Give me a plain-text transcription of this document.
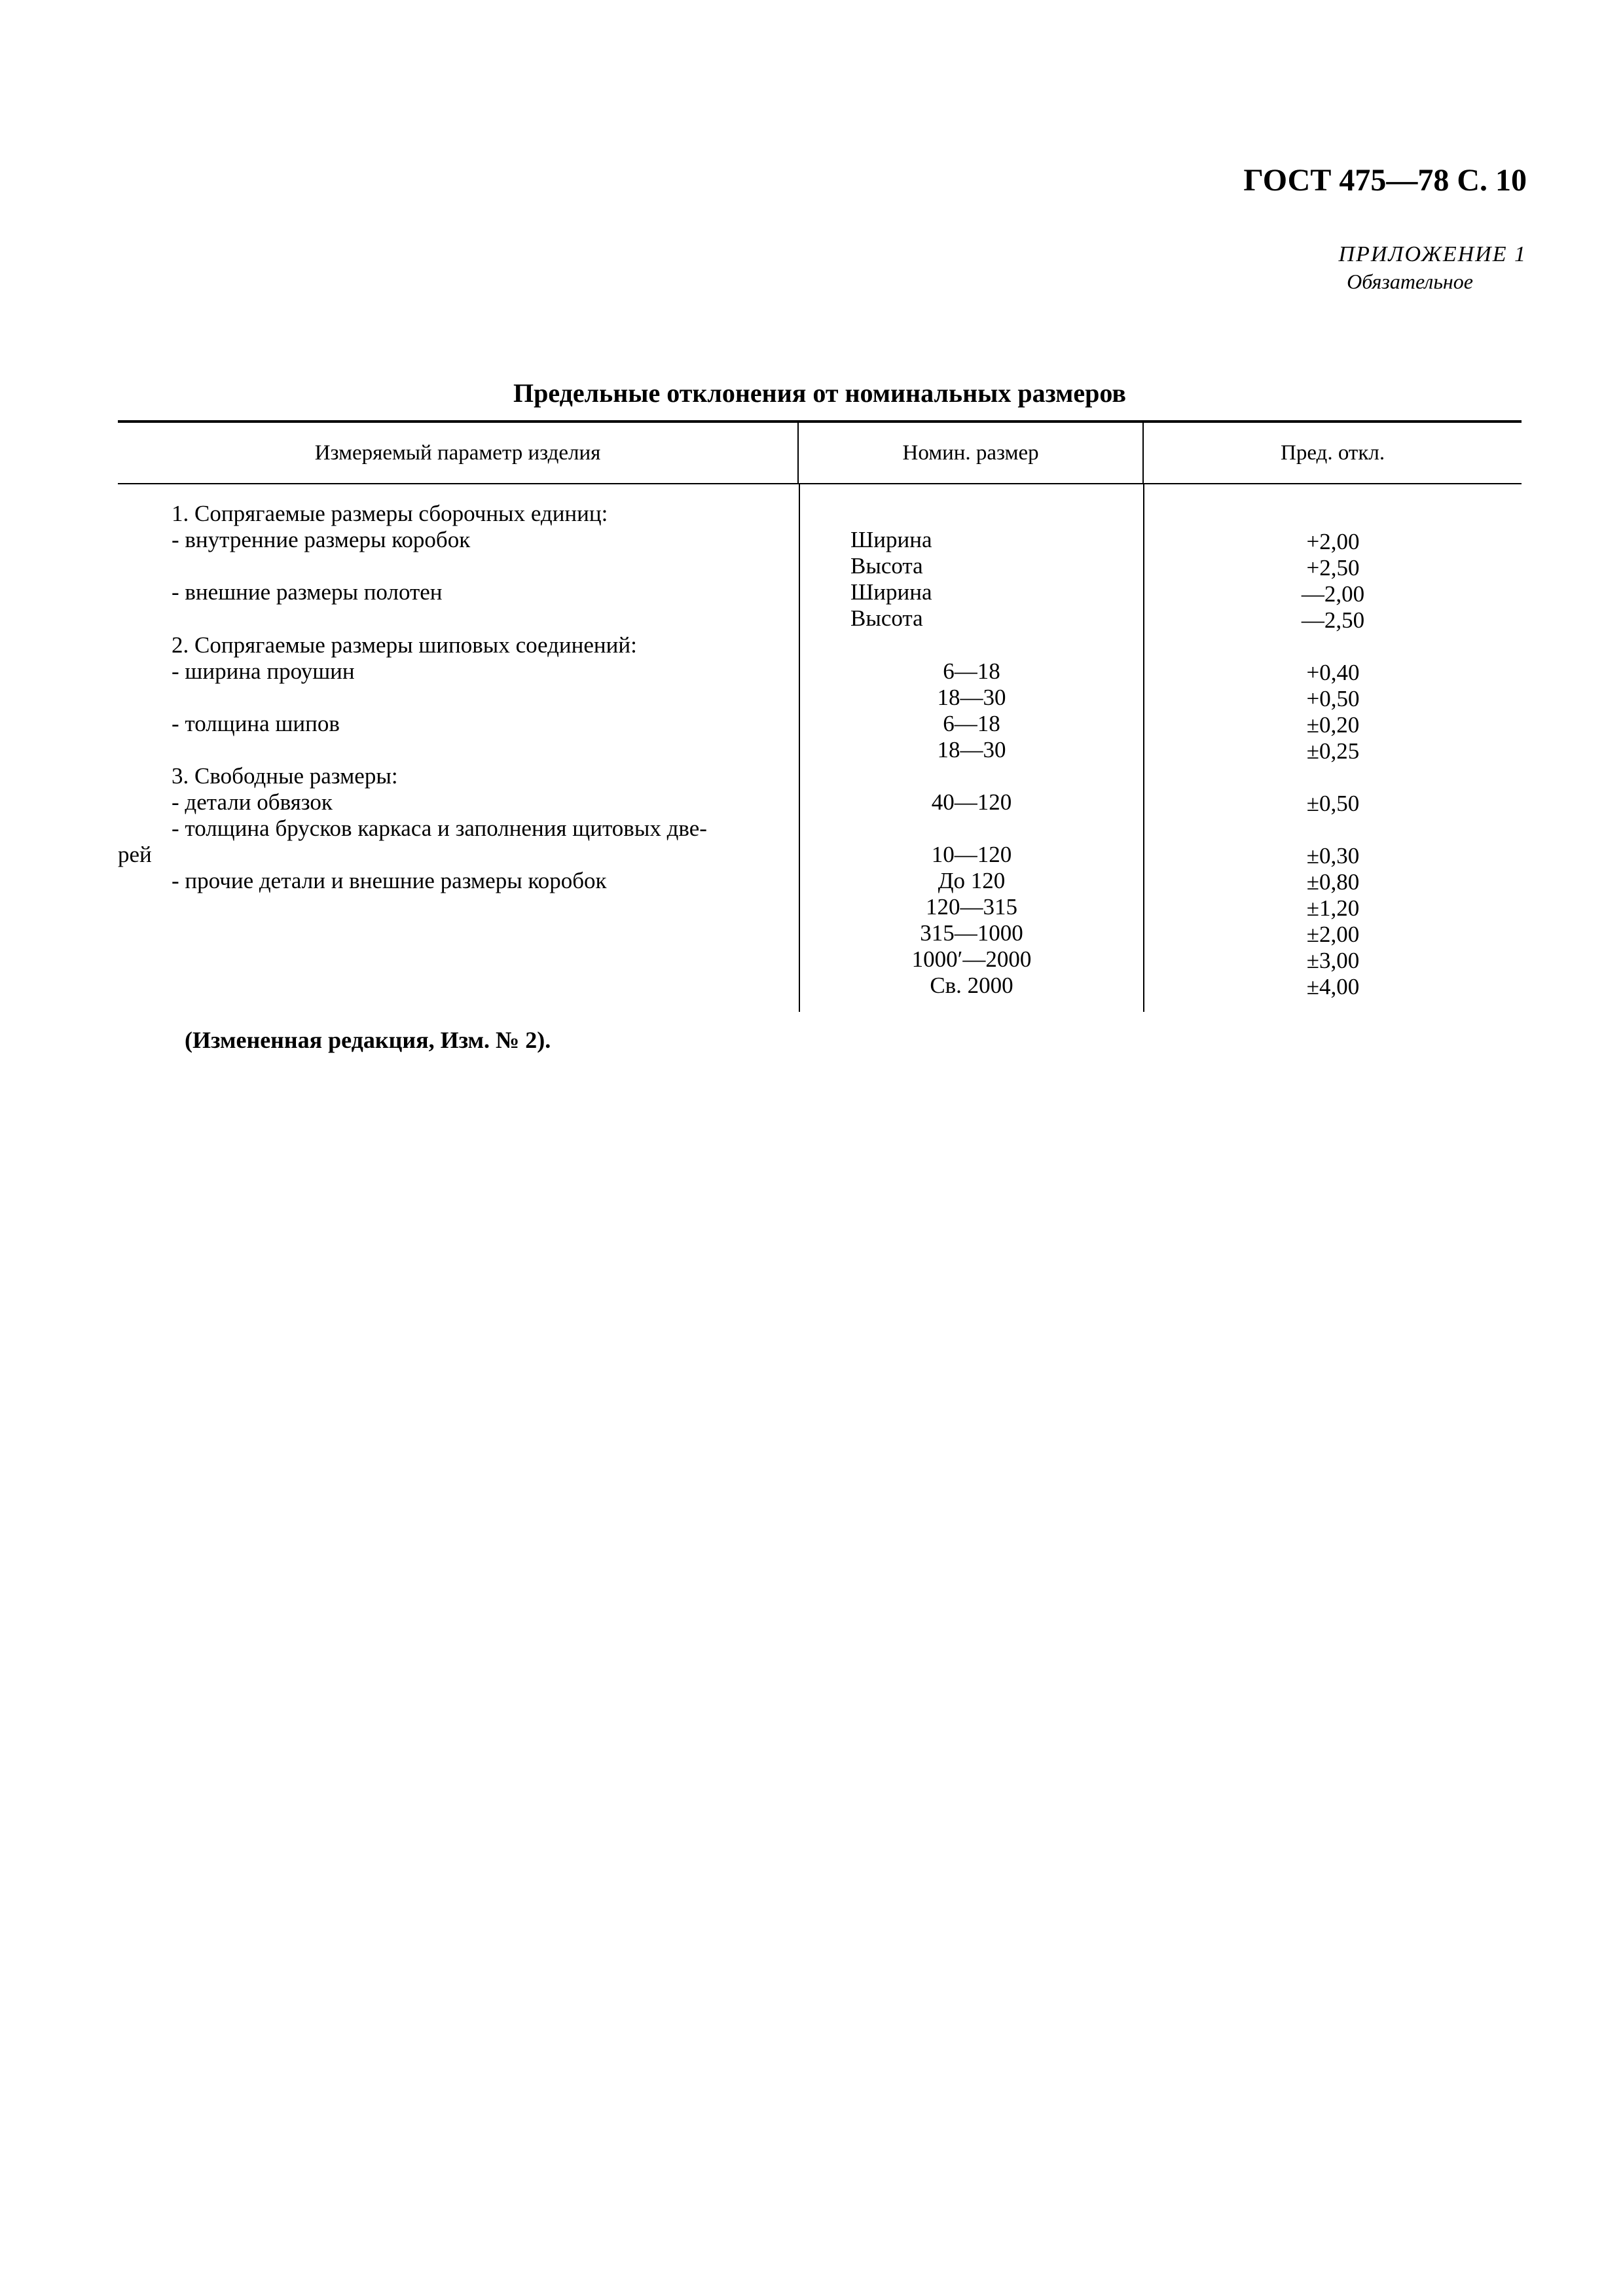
ГОСТ 475—78 С. 10
ПРИЛОЖЕНИЕ 1
Обязательное
Предельные отклонения от номинальных размеров
Измеряемый параметр изделия	Номин. размер	Пред. откл.
1. Сопрягаемые размеры сборочных единиц:
- внутренние размеры коробок
- внешние размеры полотен
2. Сопрягаемые размеры шиповых соединений:
- ширина проушин
- толщина шипов
3. Свободные размеры:
- детали обвязок
- толщина брусков каркаса и заполнения щитовых две-
рей
- прочие детали и внешние размеры коробок
Ширина
Высота
Ширина
Высота
6—18
18—30
6—18
18—30
40—120
10—120
До 120
120—315
315—1000
1000′—2000
Св. 2000
+2,00
+2,50
—2,00
—2,50
+0,40
+0,50
±0,20
±0,25
±0,50
±0,30
±0,80
±1,20
±2,00
±3,00
±4,00
(Измененная редакция, Изм. № 2).
